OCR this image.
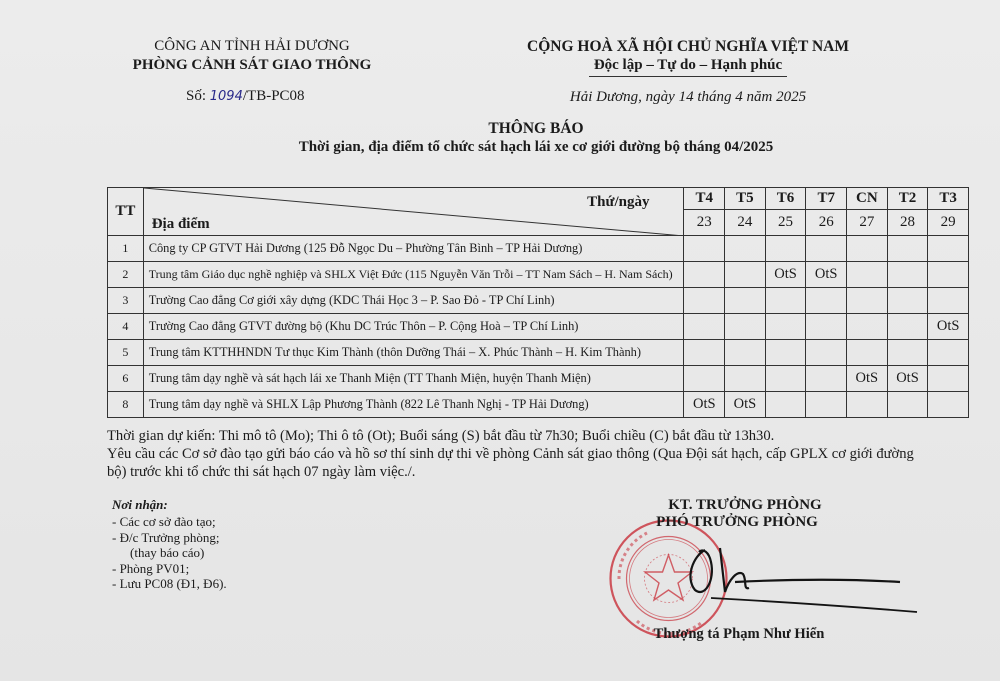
CÔNG AN TỈNH HẢI DƯƠNG
PHÒNG CẢNH SÁT GIAO THÔNG
Số: 1094/TB-PC08
CỘNG HOÀ XÃ HỘI CHỦ NGHĨA VIỆT NAM
Độc lập – Tự do – Hạnh phúc
Hải Dương, ngày 14 tháng 4 năm 2025
THÔNG BÁO
Thời gian, địa điểm tổ chức sát hạch lái xe cơ giới đường bộ tháng 04/2025
TT	Thứ/ngày
Địa điểm	T4	T5	T6	T7	CN	T2	T3
		23	24	25	26	27	28	29
1	Công ty CP GTVT Hải Dương (125 Đỗ Ngọc Du – Phường Tân Bình – TP Hải Dương)							
2	Trung tâm Giáo dục nghề nghiệp và SHLX Việt Đức (115 Nguyễn Văn Trỗi – TT Nam Sách – H. Nam Sách)			OtS	OtS			
3	Trường Cao đẳng Cơ giới xây dựng (KDC Thái Học 3 – P. Sao Đỏ - TP Chí Linh)							
4	Trường Cao đẳng GTVT đường bộ (Khu DC Trúc Thôn – P. Cộng Hoà – TP Chí Linh)							OtS
5	Trung tâm KTTHHNDN Tư thục Kim Thành (thôn Dưỡng Thái – X. Phúc Thành – H. Kim Thành)							
6	Trung tâm dạy nghề và sát hạch lái xe Thanh Miện (TT Thanh Miện, huyện Thanh Miện)					OtS	OtS	
8	Trung tâm dạy nghề và SHLX Lập Phương Thành (822 Lê Thanh Nghị - TP Hải Dương)	OtS	OtS					
Thời gian dự kiến: Thi mô tô (Mo); Thi ô tô (Ot); Buổi sáng (S) bắt đầu từ 7h30; Buổi chiều (C) bắt đầu từ 13h30.
Yêu cầu các Cơ sở đào tạo gửi báo cáo và hồ sơ thí sinh dự thi về phòng Cảnh sát giao thông (Qua Đội sát hạch, cấp GPLX cơ giới đường
bộ) trước khi tổ chức thi sát hạch 07 ngày làm việc./.
Nơi nhận:
- Các cơ sở đào tạo;
- Đ/c Trưởng phòng;
(thay báo cáo)
- Phòng PV01;
- Lưu PC08 (Đ1, Đ6).
KT. TRƯỞNG PHÒNG
PHÓ TRƯỞNG PHÒNG
Thượng tá Phạm Như Hiển
